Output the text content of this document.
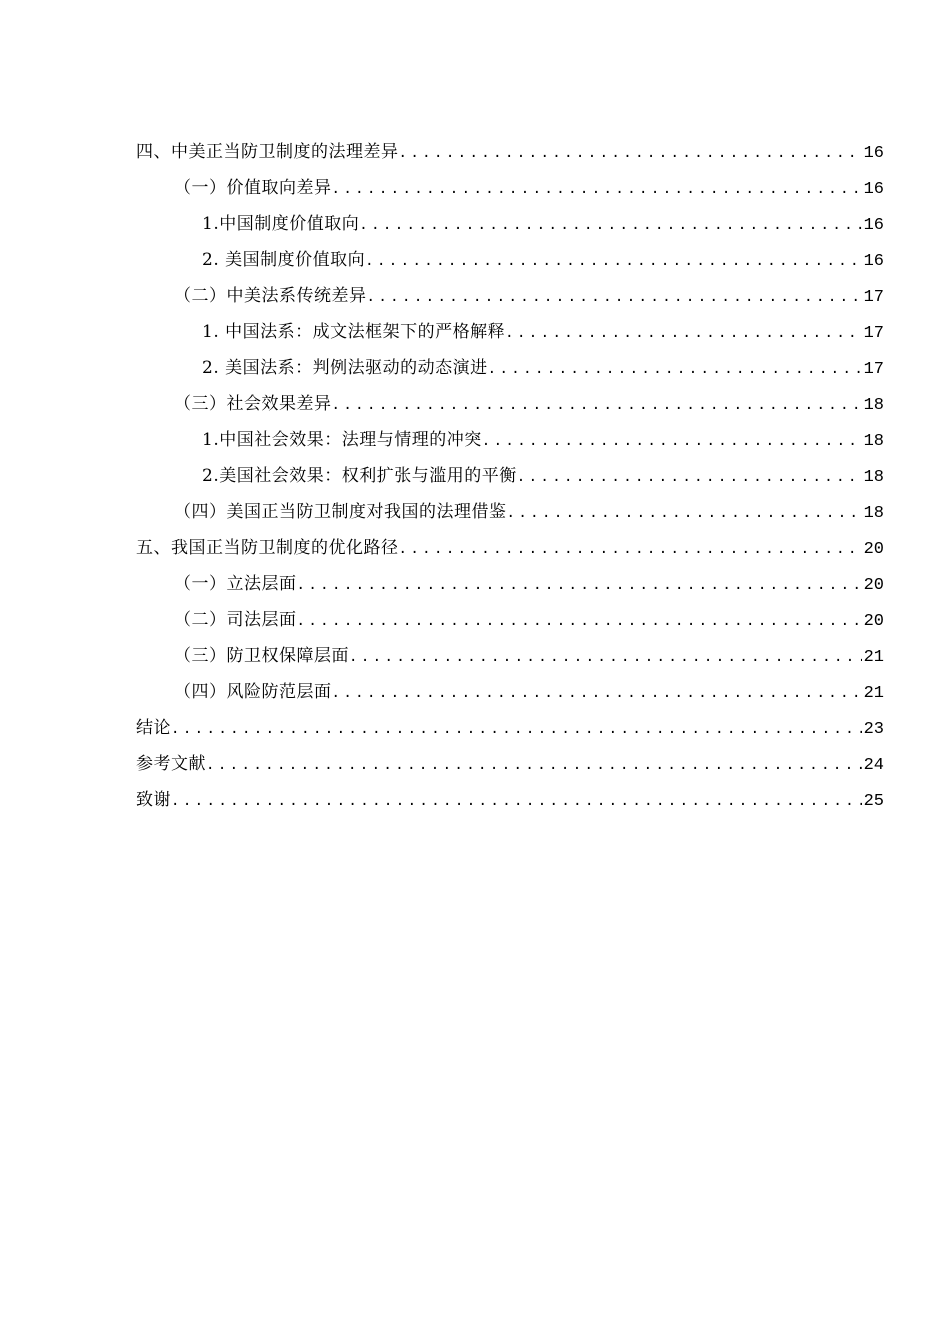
四、中美正当防卫制度的法理差异 .....	16
（一）价值取向差异 .....	16
1.中国制度价值取向 .....	16
2. 美国制度价值取向 .....	16
（二）中美法系传统差异 .....	17
1. 中国法系：成文法框架下的严格解释 .....	17
2. 美国法系：判例法驱动的动态演进 .....	17
（三）社会效果差异 .....	18
1.中国社会效果：法理与情理的冲突 .....	18
2.美国社会效果：权利扩张与滥用的平衡 .....	18
（四）美国正当防卫制度对我国的法理借鉴 .....	18
五、我国正当防卫制度的优化路径 .....	20
（一）立法层面 .....	20
（二）司法层面 .....	20
（三）防卫权保障层面 .....	21
（四）风险防范层面 .....	21
结论 .....	23
参考文献 .....	24
致谢 .....	25
